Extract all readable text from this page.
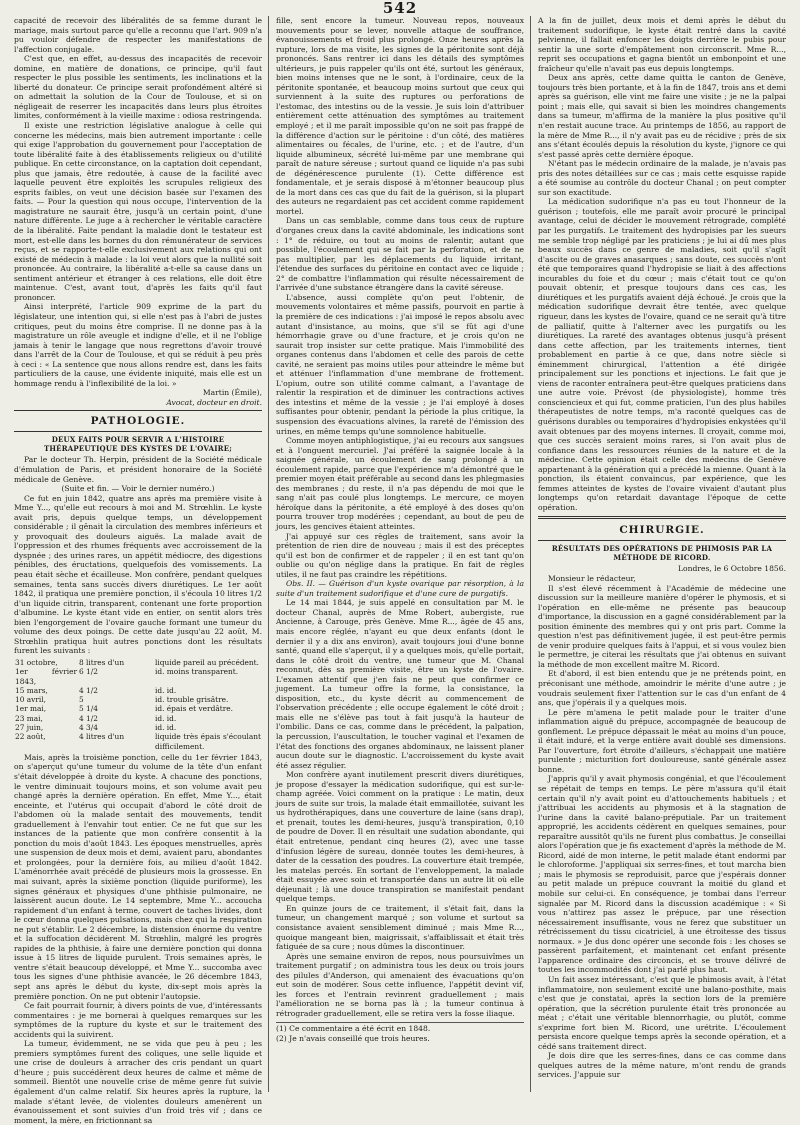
542

capacité de recevoir des libéralités de sa femme durant le mariage, mais surtout parce qu'elle a reconnu que l'art. 909 n'a pu vouloir défendre de respecter les manifestations de l'affection conjugale.

C'est que, en effet, au-dessus des incapacités de recevoir domine, en matière de donations, ce principe, qu'il faut respecter le plus possible les sentiments, les inclinations et la liberté du donateur. Ce principe serait profondément altéré si on admettait la solution de la Cour de Toulouse, et si on négligeait de reserrer les incapacités dans leurs plus étroites limites, conformément à la vieille maxime : odiosa restringenda.

Il existe une restriction législative analogue à celle qui concerne les médecins, mais bien autrement importante : celle qui exige l'approbation du gouvernement pour l'acceptation de toute libéralité faite à des établissements religieux ou d'utilité publique. En cette circonstance, on la captation doit cependant, plus que jamais, être redoutée, à cause de la facilité avec laquelle peuvent être exploités les scrupules religieux des esprits faibles, on veut une décision basée sur l'examen des faits. — Pour la question qui nous occupe, l'intervention de la magistrature ne saurait être, jusqu'à un certain point, d'une nature différente. Le juge a à rechercher le véritable caractère de la libéralité. Faite pendant la maladie dont le testateur est mort, est-elle dans les bornes du don rémunérateur de services reçus, et se rapporte-t-elle exclusivement aux relations qui ont existé de médecin à malade : la loi veut alors que la nullité soit prononcée. Au contraire, la libéralité a-t-elle sa cause dans un sentiment antérieur et étranger à ces relations, elle doit être maintenue. C'est, avant tout, d'après les faits qu'il faut prononcer.

Ainsi interprété, l'article 909 exprime de la part du législateur, une intention qui, si elle n'est pas à l'abri de justes critiques, peut du moins être comprise. Il ne donne pas à la magistrature un rôle aveugle et indigne d'elle, et il ne l'oblige jamais à tenir le langage que nous regrettons d'avoir trouvé dans l'arrêt de la Cour de Toulouse, et qui se réduit à peu près à ceci : « La sentence que nous allons rendre est, dans les faits particuliers de la cause, une évidente iniquité, mais elle est un hommage rendu à l'inflexibilité de la loi. »

Martin (Émile),

Avocat, docteur en droit.

PATHOLOGIE.
DEUX FAITS POUR SERVIR A L'HISTOIRE THÉRAPEUTIQUE DES KYSTES DE L'OVAIRE;

Par le docteur Th. Herpin, président de la Société médicale d'émulation de Paris, et président honoraire de la Société médicale de Genève.

(Suite et fin. — Voir le dernier numéro.)

Ce fut en juin 1842, quatre ans après ma première visite à Mme Y..., qu'elle eut recours à moi and M. Strœhlin. Le kyste avait pris, depuis quelque temps, un développement considérable ; il gênait la circulation des membres inférieurs et y provoquait des douleurs aiguës. La malade avait de l'oppression et des rhumes fréquents avec accroissement de la dyspnée ; des urines rares, un appétit médiocre, des digestions pénibles, des éructations, quelquefois des vomissements. La peau était sèche et écailleuse. Mon confrère, pendant quelques semaines, tenta sans succès divers diurétiques. Le 1er août 1842, il pratiqua une première ponction, il s'écoula 10 litres 1/2 d'un liquide citrin, transparent, contenant une forte proportion d'albumine. Le kyste étant vide en entier, on sentit alors très bien l'engorgement de l'ovaire gauche formant une tumeur du volume des deux poings. De cette date jusqu'au 22 août, M. Strœhlin pratiqua huit autres ponctions dont les résultats furent les suivants :

31 octobre,	8 litres d'un	liquide pareil au précédent.
1er février 1843,	6 1/2	id. moins transparent.
15 mars,	4 1/2	id. id.
10 avril,	5	id. trouble grisâtre.
1er mai,	5 1/4	id. épais et verdâtre.
23 mai,	4 1/2	id. id.
27 juin,	4 3/4	id. id.
22 août,	4 litres d'un	liquide très épais s'écoulant difficilement.

Mais, après la troisième ponction, celle du 1er février 1843, on s'aperçut qu'une tumeur du volume de la tête d'un enfant s'était développée à droite du kyste. A chacune des ponctions, le ventre diminuait toujours moins, et son volume avait peu changé après la dernière opération. En effet, Mme Y..., était enceinte, et l'utérus qui occupait d'abord le côté droit de l'abdomen où la malade sentait des mouvements, tendit graduellement à l'envahir tout entier. Ce ne fut que sur les instances de la patiente que mon confrère consentit à la ponction du mois d'août 1843. Les époques menstruelles, après une suspension de deux mois et demi, avaient paru, abondantes et prolongées, pour la dernière fois, au milieu d'août 1842. L'aménorrhée avait précédé de plusieurs mois la grossesse. En mai suivant, après la sixième ponction (liquide puriforme), les signes généraux et physiques d'une phthisie pulmonaire, ne laissèrent aucun doute. Le 14 septembre, Mme Y... accoucha rapidement d'un enfant à terme, couvert de taches livides, dont le cœur donna quelques pulsations, mais chez qui la respiration ne put s'établir. Le 2 décembre, la distension énorme du ventre et la suffocation décidèrent M. Strœhlin, malgré les progrès rapides de la phthisie, à faire une dernière ponction qui donna issue à 15 litres de liquide purulent. Trois semaines après, le ventre s'était beaucoup développé, et Mme Y... succomba avec tous les signes d'une phthisie avancée, le 26 décembre 1843, sept ans après le début du kyste, dix-sept mois après la première ponction. On ne put obtenir l'autopsie.

Ce fait pourrait fournir, à divers points de vue, d'intéressants commentaires : je me bornerai à quelques remarques sur les symptômes de la rupture du kyste et sur le traitement des accidents qui la suivirent.

La tumeur, évidemment, ne se vida que peu à peu ; les premiers symptômes furent des coliques, une selle liquide et une crise de douleurs à arracher des cris pendant un quart d'heure ; puis succédèrent deux heures de calme et même de sommeil. Bientôt une nouvelle crise de même genre fut suivie également d'un calme relatif. Six heures après la rupture, la malade s'étant levée, de violentes douleurs amenèrent un évanouissement et sont suivies d'un froid très vif ; dans ce moment, la mère, en frictionnant sa

fille, sent encore la tumeur. Nouveau repos, nouveaux mouvements pour se lever, nouvelle attaque de souffrance, évanouissements et froid plus prolongé. Onze heures après la rupture, lors de ma visite, les signes de la péritonite sont déjà prononcés. Sans rentrer ici dans les détails des symptômes ultérieurs, je puis rappeler qu'ils ont été, surtout les généraux, bien moins intenses que ne le sont, à l'ordinaire, ceux de la péritonite spontanée, et beaucoup moins surtout que ceux qui surviennent à la suite des ruptures ou perforations de l'estomac, des intestins ou de la vessie. Je suis loin d'attribuer entièrement cette atténuation des symptômes au traitement employé ; et il me paraît impossible qu'on ne soit pas frappé de la différence d'action sur le péritoine : d'un côté, des matières alimentaires ou fécales, de l'urine, etc. ; et de l'autre, d'un liquide albumineux, sécrété lui-même par une membrane qui paraît de nature séreuse ; surtout quand ce liquide n'a pas subi de dégénérescence purulente (1). Cette différence est fondamentale, et je serais disposé à m'étonner beaucoup plus de la mort dans ces cas que du fait de la guérison, si la plupart des auteurs ne regardaient pas cet accident comme rapidement mortel.

Dans un cas semblable, comme dans tous ceux de rupture d'organes creux dans la cavité abdominale, les indications sont : 1° de réduire, ou tout au moins de ralentir, autant que possible, l'écoulement qui se fait par la perforation, et de ne pas multiplier, par les déplacements du liquide irritant, l'étendue des surfaces du péritoine en contact avec ce liquide ; 2° de combattre l'inflammation qui résulte nécessairement de l'arrivée d'une substance étrangère dans la cavité séreuse.

L'absence, aussi complète qu'on peut l'obtenir, de mouvements volontaires et même passifs, pourvoit en partie à la première de ces indications : j'ai imposé le repos absolu avec autant d'insistance, au moins, que s'il se fût agi d'une hémorrhagie grave ou d'une fracture, et je crois qu'on ne saurait trop insister sur cette pratique. Mais l'immobilité des organes contenus dans l'abdomen et celle des parois de cette cavité, ne seraient pas moins utiles pour atteindre le même but et atténuer l'inflammation d'une membrane de frottement. L'opium, outre son utilité comme calmant, a l'avantage de ralentir la respiration et de diminuer les contractions actives des intestins et même de la vessie ; je l'ai employé à doses suffisantes pour obtenir, pendant la période la plus critique, la suspension des évacuations alvines, la rareté de l'émission des urines, en même temps qu'une somnolence habituelle.

Comme moyen antiphlogistique, j'ai eu recours aux sangsues et à l'onguent mercuriel. J'ai préféré la saignée locale à la saignée générale, un écoulement de sang prolongé à un écoulement rapide, parce que l'expérience m'a démontré que le premier moyen était préférable au second dans les phlegmasies des membranes ; du reste, il n'a pas dépendu de moi que le sang n'ait pas coulé plus longtemps. Le mercure, ce moyen héroïque dans la péritonite, a été employé à des doses qu'on pourra trouver trop modérées ; cependant, au bout de peu de jours, les gencives étaient atteintes.

J'ai appuyé sur ces règles de traitement, sans avoir la prétention de rien dire de nouveau ; mais il est des préceptes qu'il est bon de confirmer et de rappeler ; il en est tant qu'on oublie ou qu'on néglige dans la pratique. En fait de règles utiles, il ne faut pas craindre les répétitions.

Obs. II. — Guérison d'un kyste ovarique par résorption, à la suite d'un traitement sudorifique et d'une cure de purgatifs.

Le 14 mai 1844, je suis appelé en consultation par M. le docteur Chanal, auprès de Mme Robert, aubergiste, rue Ancienne, à Carouge, près Genève. Mme R..., âgée de 45 ans, mais encore réglée, n'ayant eu que deux enfants (dont le dernier il y a dix ans environ), avait toujours joui d'une bonne santé, quand elle s'aperçut, il y a quelques mois, qu'elle portait, dans le côté droit du ventre, une tumeur que M. Chanal reconnut, dès sa première visite, être un kyste de l'ovaire. L'examen attentif que j'en fais ne peut que confirmer ce jugement. La tumeur offre la forme, la consistance, la disposition, etc., du kyste décrit au commencement de l'observation précédente ; elle occupe également le côté droit ; mais elle ne s'élève pas tout à fait jusqu'à la hauteur de l'ombilic. Dans ce cas, comme dans le précédent, la palpation, la percussion, l'auscultation, le toucher vaginal et l'examen de l'état des fonctions des organes abdominaux, ne laissent planer aucun doute sur le diagnostic. L'accroissement du kyste avait été assez régulier.

Mon confrère ayant inutilement prescrit divers diurétiques, je propose d'essayer la médication sudorifique, qui est sur-le-champ agréée. Voici comment on la pratique : Le matin, deux jours de suite sur trois, la malade était emmaillotée, suivant les us hydrothérapiques, dans une couverture de laine (sans drap), et prenait, toutes les demi-heures, jusqu'à transpiration, 0,10 de poudre de Dover. Il en résultait une sudation abondante, qui était entretenue, pendant cinq heures (2), avec une tasse d'infusion légère de sureau, donnée toutes les demi-heures, à dater de la cessation des poudres. La couverture était trempée, les matelas percés. En sortant de l'enveloppement, la malade était essuyée avec soin et transportée dans un autre lit où elle déjeunait ; là une douce transpiration se manifestait pendant quelque temps.

En quinze jours de ce traitement, il s'était fait, dans la tumeur, un changement marqué ; son volume et surtout sa consistance avaient sensiblement diminué ; mais Mme R..., quoique mangeant bien, maigrissait, s'affaiblissait et était très fatiguée de sa cure ; nous dûmes la discontinuer.

Après une semaine environ de repos, nous poursuivîmes un traitement purgatif ; on administra tous les deux ou trois jours des pilules d'Anderson, qui amenaient des évacuations qu'on eut soin de modérer. Sous cette influence, l'appétit devint vif, les forces et l'entrain revinrent graduellement ; mais l'amélioration ne se borna pas là ; la tumeur continua à rétrograder graduellement, elle se retira vers la fosse iliaque.

(1) Ce commentaire a été écrit en 1848.

(2) Je n'avais conseillé que trois heures.

A la fin de juillet, deux mois et demi après le début du traitement sudorifique, le kyste était rentré dans la cavité pelvienne, il fallait enfoncer les doigts derrière le pubis pour sentir la une sorte d'empâtement non circonscrit. Mme R..., reprit ses occupations et gagna bientôt un embonpoint et une fraîcheur qu'elle n'avait pas eus depuis longtemps.

Deux ans après, cette dame quitta le canton de Genève, toujours très bien portante, et à la fin de 1847, trois ans et demi après sa guérison, elle vint me faire une visite ; je ne la palpai point ; mais elle, qui savait si bien les moindres changements dans sa tumeur, m'affirma de la manière la plus positive qu'il n'en restait aucune trace. Au printemps de 1856, au rapport de la mère de Mme R..., il n'y avait pas eu de récidive ; près de six ans s'étant écoulés depuis la résolution du kyste, j'ignore ce qui s'est passé après cette dernière époque.

N'étant pas le médecin ordinaire de la malade, je n'avais pas pris des notes détaillées sur ce cas ; mais cette esquisse rapide a été soumise au contrôle du docteur Chanal ; on peut compter sur son exactitude.

La médication sudorifique n'a pas eu tout l'honneur de la guérison ; toutefois, elle me paraît avoir procuré le principal avantage, celui de décider le mouvement rétrograde, complété par les purgatifs. Le traitement des hydropisies par les sueurs me semble trop négligé par les praticiens ; je lui ai dû mes plus beaux succès dans ce genre de maladies, soit qu'il s'agît d'ascite ou de graves anasarques ; sans doute, ces succès n'ont été que temporaires quand l'hydropisie se liait à des affections incurables du foie et du cœur ; mais c'était tout ce qu'on pouvait obtenir, et presque toujours dans ces cas, les diurétiques et les purgatifs avaient déjà échoué. Je crois que la médication sudorifique devrait être tentée, avec quelque rigueur, dans les kystes de l'ovaire, quand ce ne serait qu'à titre de palliatif, quitte à l'alterner avec les purgatifs ou les diurétiques. La rareté des avantages obtenus jusqu'à présent dans cette affection, par les traitements internes, tient probablement en partie à ce que, dans notre siècle si éminemment chirurgical, l'attention a été dirigée principalement sur les ponctions et injections. Le fait que je viens de raconter entraînera peut-être quelques praticiens dans une autre voie. Prévost (de physiologiste), homme très consciencieux et qui fut, comme praticien, l'un des plus habiles thérapeutistes de notre temps, m'a raconté quelques cas de guérisons durables ou temporaires d'hydropisies enkystées qu'il avait obtenues par des moyens internes. Il croyait, comme moi, que ces succès seraient moins rares, si l'on avait plus de confiance dans les ressources réunies de la nature et de la médecine. Cette opinion était celle des médecins de Genève appartenant à la génération qui a précédé la mienne. Quant à la ponction, ils étaient convaincus, par expérience, que les femmes atteintes de kystes de l'ovaire vivaient d'autant plus longtemps qu'on retardait davantage l'époque de cette opération.

CHIRURGIE.
RÉSULTATS DES OPÉRATIONS DE PHIMOSIS PAR LA MÉTHODE DE RICORD.

Londres, le 6 Octobre 1856.

Monsieur le rédacteur,

Il s'est élevé récemment à l'Académie de médecine une discussion sur la meilleure manière d'opérer le phymosis, et si l'opération en elle-même ne présente pas beaucoup d'importance, la discussion en a gagné considérablement par la position éminente des membres qui y ont pris part. Comme la question n'est pas définitivement jugée, il est peut-être permis de venir produire quelques faits à l'appui, et si vous voulez bien le permettre, je citerai les résultats que j'ai obtenus en suivant la méthode de mon excellent maître M. Ricord.

Et d'abord, il est bien entendu que je ne prétends point, en préconisant une méthode, amoindrir le mérite d'une autre ; je voudrais seulement fixer l'attention sur le cas d'un enfant de 4 ans, que j'opérais il y a quelques mois.

Le père m'amena le petit malade pour le traiter d'une inflammation aiguë du prépuce, accompagnée de beaucoup de gonflement. Le prépuce dépassait le méat au moins d'un pouce, il était induré, et la verge entière avait doublé ses dimensions. Par l'ouverture, fort étroite d'ailleurs, s'échappait une matière purulente ; micturition fort douloureuse, santé générale assez bonne.

J'appris qu'il y avait phymosis congénial, et que l'écoulement se répétait de temps en temps. Le père m'assura qu'il était certain qu'il n'y avait point eu d'attouchements habituels ; et j'attribuai les accidents au phymosis et à la stagnation de l'urine dans la cavité balano-préputiale. Par un traitement approprié, les accidents cédèrent en quelques semaines, pour reparaître aussitôt qu'ils ne furent plus combattus. Je conseillai alors l'opération que je fis exactement d'après la méthode de M. Ricord, aidé de mon interne, le petit malade étant endormi par le chloroforme. J'appliquai six serres-fines, et tout marcha bien ; mais le phymosis se reproduisit, parce que j'espérais donner au petit malade un prépuce couvrant la moitié du gland et mobile sur celui-ci. En conséquence, je tombai dans l'erreur signalée par M. Ricord dans la discussion académique : « Si vous n'attirez pas assez le prépuce, par une résection nécessairement insuffisante, vous ne ferez que substituer un rétrécissement du tissu cicatriciel, à une étroitesse des tissus normaux. » Je dus donc opérer une seconde fois : les choses se passèrent parfaitement, et maintenant cet enfant présente l'apparence ordinaire des circoncis, et se trouve délivré de toutes les incommodités dont j'ai parlé plus haut.

Un fait assez intéressant, c'est que le phimosis avait, à l'état inflammatoire, non seulement excité une balano-posthite, mais c'est que je constatai, après la section lors de la première opération, que la sécrétion purulente était très prononcée au méat ; c'était une véritable blennorrhagie, ou plutôt, comme s'exprime fort bien M. Ricord, une urétrite. L'écoulement persista encore quelque temps après la seconde opération, et a cédé sans traitement direct.

Je dois dire que les serres-fines, dans ce cas comme dans quelques autres de la même nature, m'ont rendu de grands services. J'appuie sur
